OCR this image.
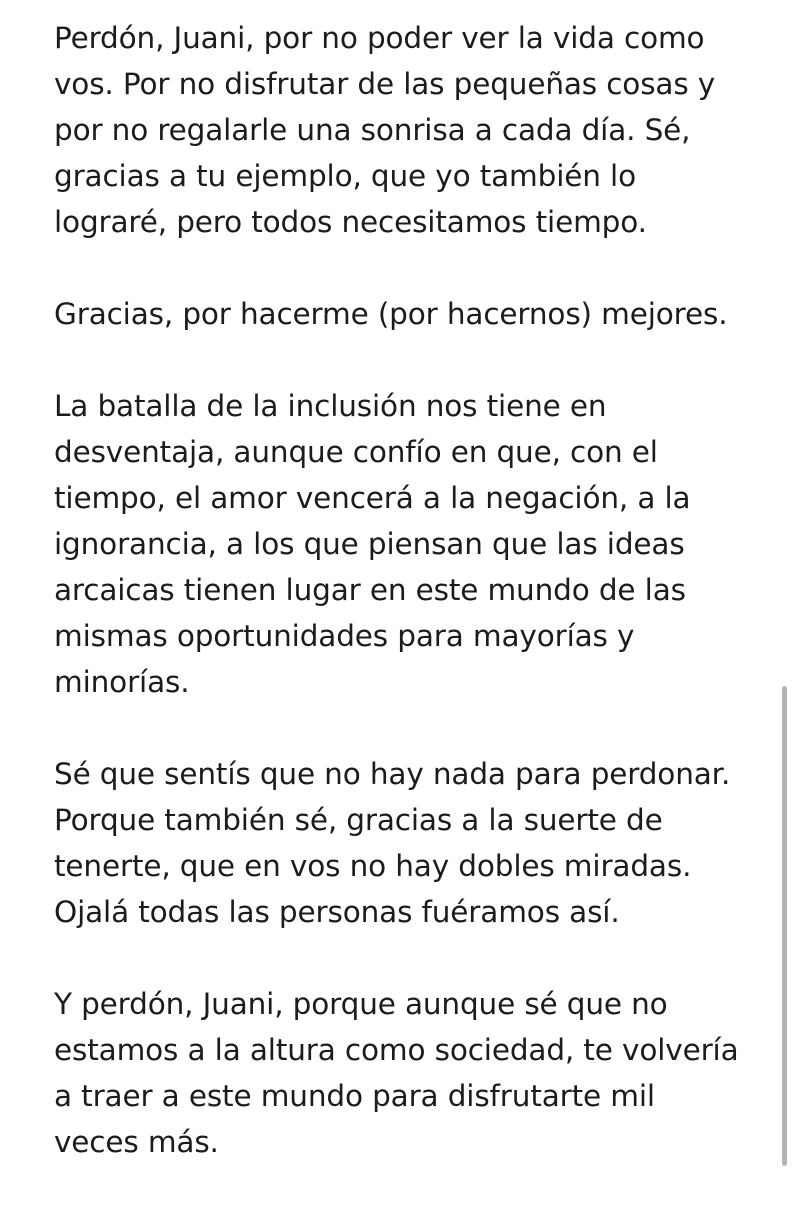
Perdón, Juani, por no poder ver la vida como
vos. Por no disfrutar de las pequeñas cosas y
por no regalarle una sonrisa a cada día. Sé,
gracias a tu ejemplo, que yo también lo
lograré, pero todos necesitamos tiempo.

Gracias, por hacerme (por hacernos) mejores.

La batalla de la inclusión nos tiene en
desventaja, aunque confío en que, con el
tiempo, el amor vencerá a la negación, a la
ignorancia, a los que piensan que las ideas
arcaicas tienen lugar en este mundo de las
mismas oportunidades para mayorías y
minorías.

Sé que sentís que no hay nada para perdonar.
Porque también sé, gracias a la suerte de
tenerte, que en vos no hay dobles miradas.
Ojalá todas las personas fuéramos así.

Y perdón, Juani, porque aunque sé que no
estamos a la altura como sociedad, te volvería
a traer a este mundo para disfrutarte mil
veces más.
